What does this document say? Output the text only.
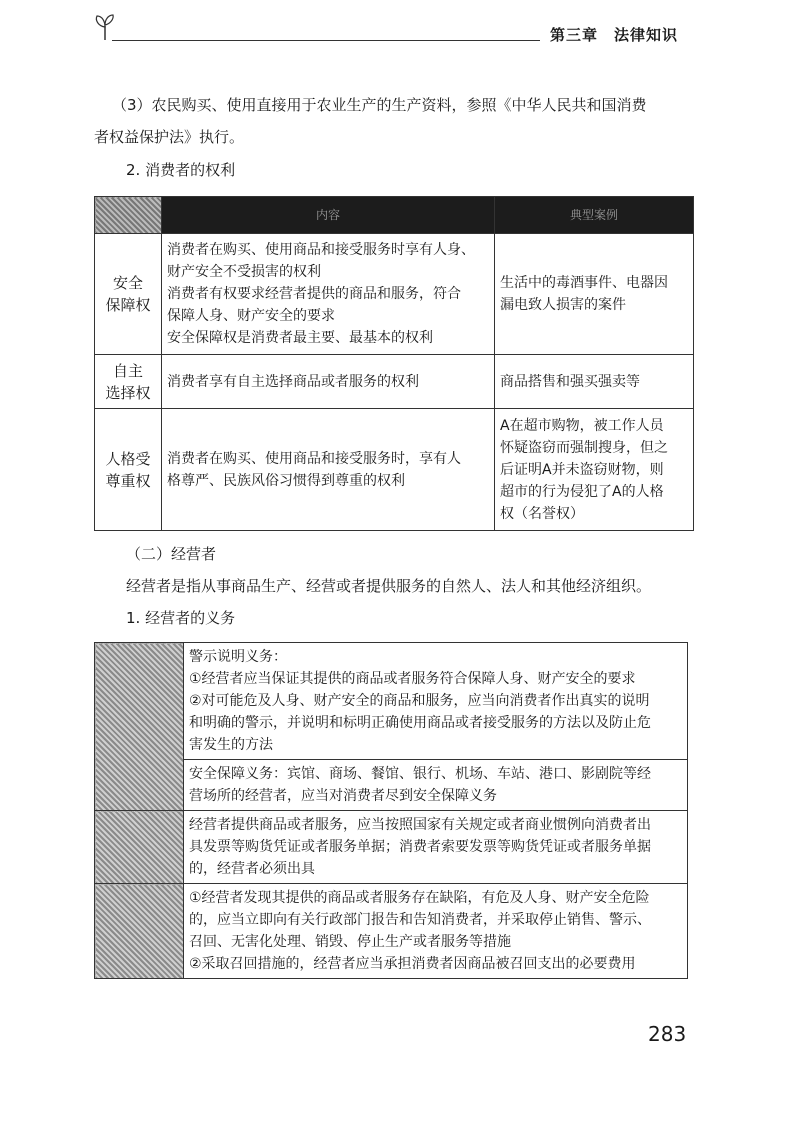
第三章　法律知识
（3）农民购买、使用直接用于农业生产的生产资料，参照《中华人民共和国消费
者权益保护法》执行。
2. 消费者的权利
	内容	典型案例

安全
保障权	消费者在购买、使用商品和接受服务时享有人身、
财产安全不受损害的权利
消费者有权要求经营者提供的商品和服务，符合
保障人身、财产安全的要求
安全保障权是消费者最主要、最基本的权利	生活中的毒酒事件、电器因
漏电致人损害的案件

自主
选择权	消费者享有自主选择商品或者服务的权利	商品搭售和强买强卖等

人格受
尊重权	消费者在购买、使用商品和接受服务时，享有人
格尊严、民族风俗习惯得到尊重的权利	A在超市购物，被工作人员
怀疑盗窃而强制搜身，但之
后证明A并未盗窃财物，则
超市的行为侵犯了A的人格
权（名誉权）
（二）经营者
经营者是指从事商品生产、经营或者提供服务的自然人、法人和其他经济组织。
1. 经营者的义务

	警示说明义务：
①经营者应当保证其提供的商品或者服务符合保障人身、财产安全的要求
②对可能危及人身、财产安全的商品和服务，应当向消费者作出真实的说明
和明确的警示，并说明和标明正确使用商品或者接受服务的方法以及防止危
害发生的方法

	安全保障义务：宾馆、商场、餐馆、银行、机场、车站、港口、影剧院等经
营场所的经营者，应当对消费者尽到安全保障义务

	经营者提供商品或者服务，应当按照国家有关规定或者商业惯例向消费者出
具发票等购货凭证或者服务单据；消费者索要发票等购货凭证或者服务单据
的，经营者必须出具

	①经营者发现其提供的商品或者服务存在缺陷，有危及人身、财产安全危险
的，应当立即向有关行政部门报告和告知消费者，并采取停止销售、警示、
召回、无害化处理、销毁、停止生产或者服务等措施
②采取召回措施的，经营者应当承担消费者因商品被召回支出的必要费用
283
